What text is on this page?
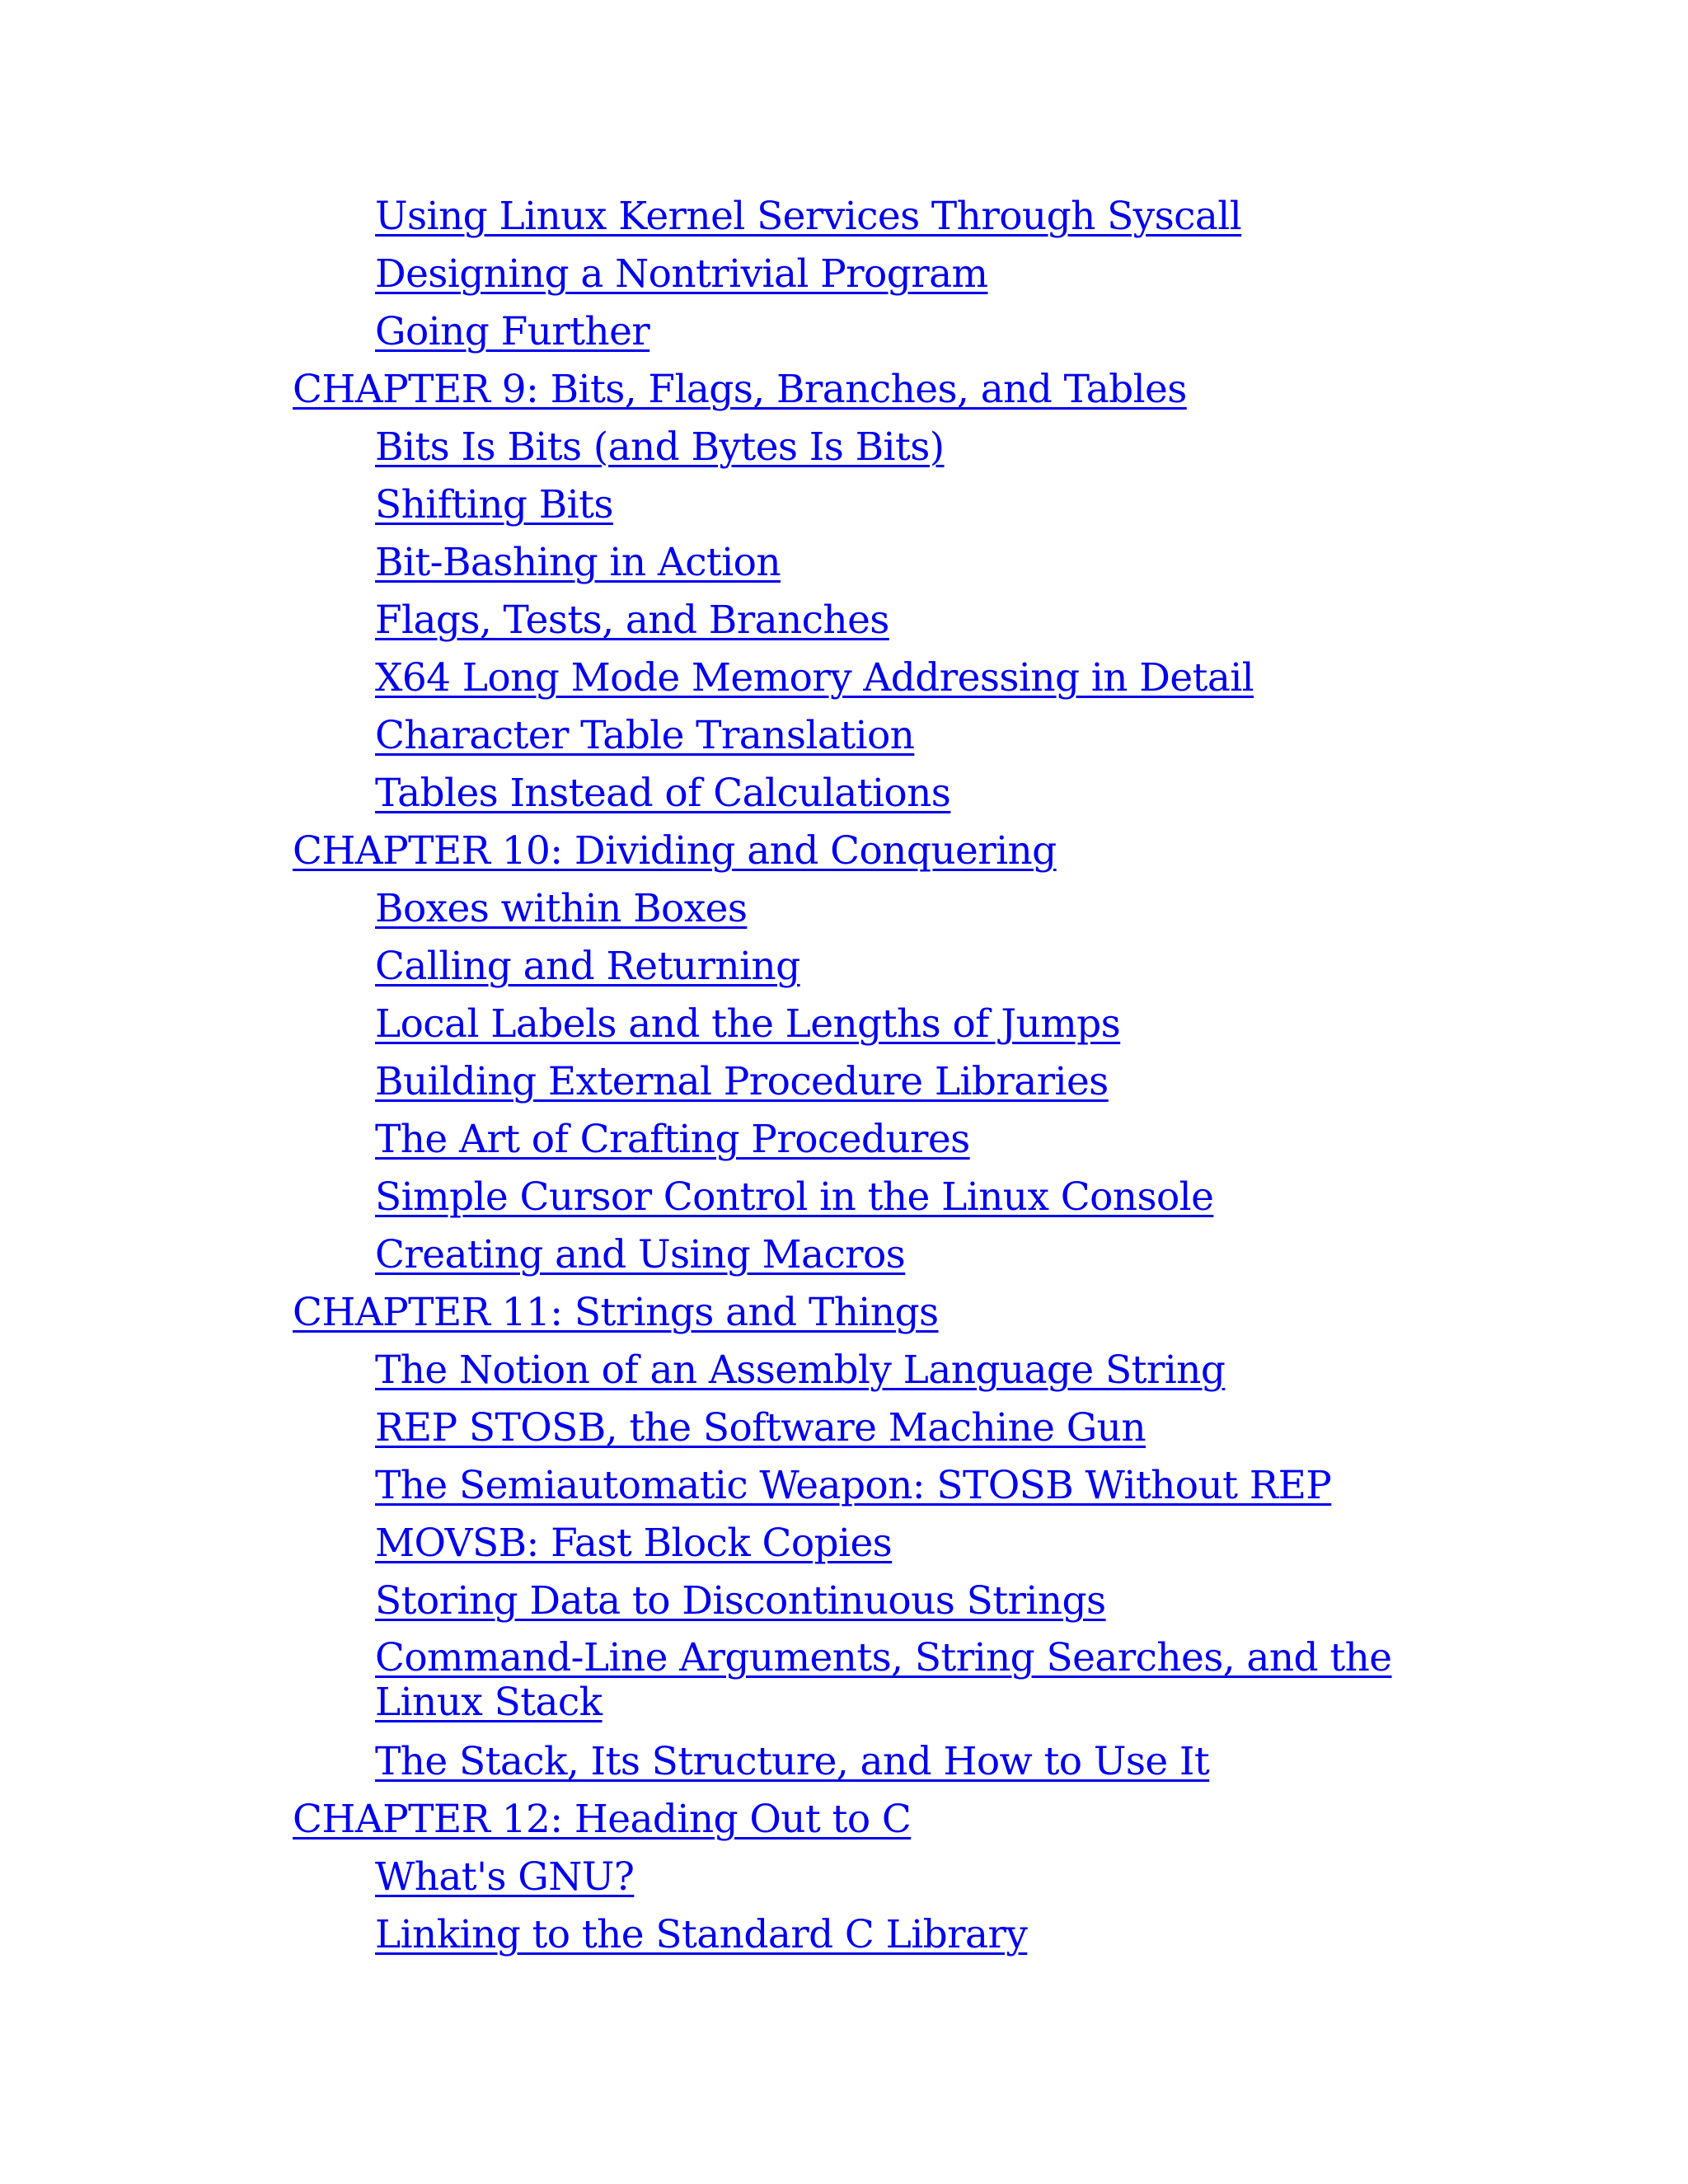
Using Linux Kernel Services Through Syscall
Designing a Nontrivial Program
Going Further
CHAPTER 9: Bits, Flags, Branches, and Tables
Bits Is Bits (and Bytes Is Bits)
Shifting Bits
Bit-Bashing in Action
Flags, Tests, and Branches
X64 Long Mode Memory Addressing in Detail
Character Table Translation
Tables Instead of Calculations
CHAPTER 10: Dividing and Conquering
Boxes within Boxes
Calling and Returning
Local Labels and the Lengths of Jumps
Building External Procedure Libraries
The Art of Crafting Procedures
Simple Cursor Control in the Linux Console
Creating and Using Macros
CHAPTER 11: Strings and Things
The Notion of an Assembly Language String
REP STOSB, the Software Machine Gun
The Semiautomatic Weapon: STOSB Without REP
MOVSB: Fast Block Copies
Storing Data to Discontinuous Strings
Command-Line Arguments, String Searches, and the Linux Stack
The Stack, Its Structure, and How to Use It
CHAPTER 12: Heading Out to C
What's GNU?
Linking to the Standard C Library
